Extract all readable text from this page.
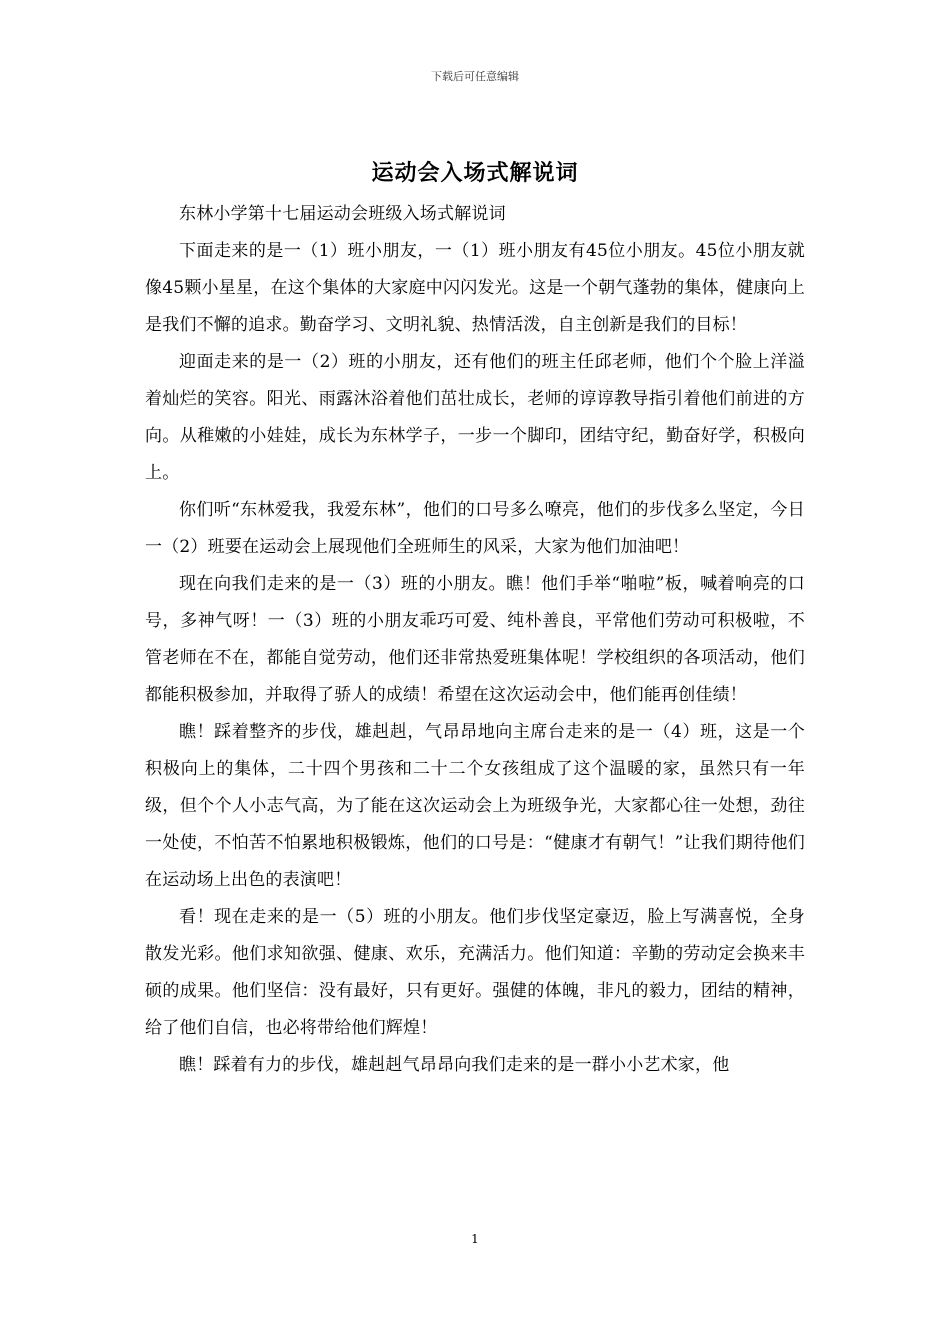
下载后可任意编辑
运动会入场式解说词

东林小学第十七届运动会班级入场式解说词

下面走来的是一（1）班小朋友，一（1）班小朋友有45位小朋友。45位小朋友就像45颗小星星，在这个集体的大家庭中闪闪发光。这是一个朝气蓬勃的集体，健康向上是我们不懈的追求。勤奋学习、文明礼貌、热情活泼，自主创新是我们的目标！

迎面走来的是一（2）班的小朋友，还有他们的班主任邱老师，他们个个脸上洋溢着灿烂的笑容。阳光、雨露沐浴着他们茁壮成长，老师的谆谆教导指引着他们前进的方向。从稚嫩的小娃娃，成长为东林学子，一步一个脚印，团结守纪，勤奋好学，积极向上。

你们听“东林爱我，我爱东林”，他们的口号多么嘹亮，他们的步伐多么坚定，今日一（2）班要在运动会上展现他们全班师生的风采，大家为他们加油吧！

现在向我们走来的是一（3）班的小朋友。瞧！他们手举“啪啦”板，喊着响亮的口号，多神气呀！一（3）班的小朋友乖巧可爱、纯朴善良，平常他们劳动可积极啦，不管老师在不在，都能自觉劳动，他们还非常热爱班集体呢！学校组织的各项活动，他们都能积极参加，并取得了骄人的成绩！希望在这次运动会中，他们能再创佳绩！

瞧！踩着整齐的步伐，雄赳赳，气昂昂地向主席台走来的是一（4）班，这是一个积极向上的集体，二十四个男孩和二十二个女孩组成了这个温暖的家，虽然只有一年级，但个个人小志气高，为了能在这次运动会上为班级争光，大家都心往一处想，劲往一处使，不怕苦不怕累地积极锻炼，他们的口号是：“健康才有朝气！”让我们期待他们在运动场上出色的表演吧！

看！现在走来的是一（5）班的小朋友。他们步伐坚定豪迈，脸上写满喜悦，全身散发光彩。他们求知欲强、健康、欢乐，充满活力。他们知道：辛勤的劳动定会换来丰硕的成果。他们坚信：没有最好，只有更好。强健的体魄，非凡的毅力，团结的精神，给了他们自信，也必将带给他们辉煌！

瞧！踩着有力的步伐，雄赳赳气昂昂向我们走来的是一群小小艺术家，他

1
